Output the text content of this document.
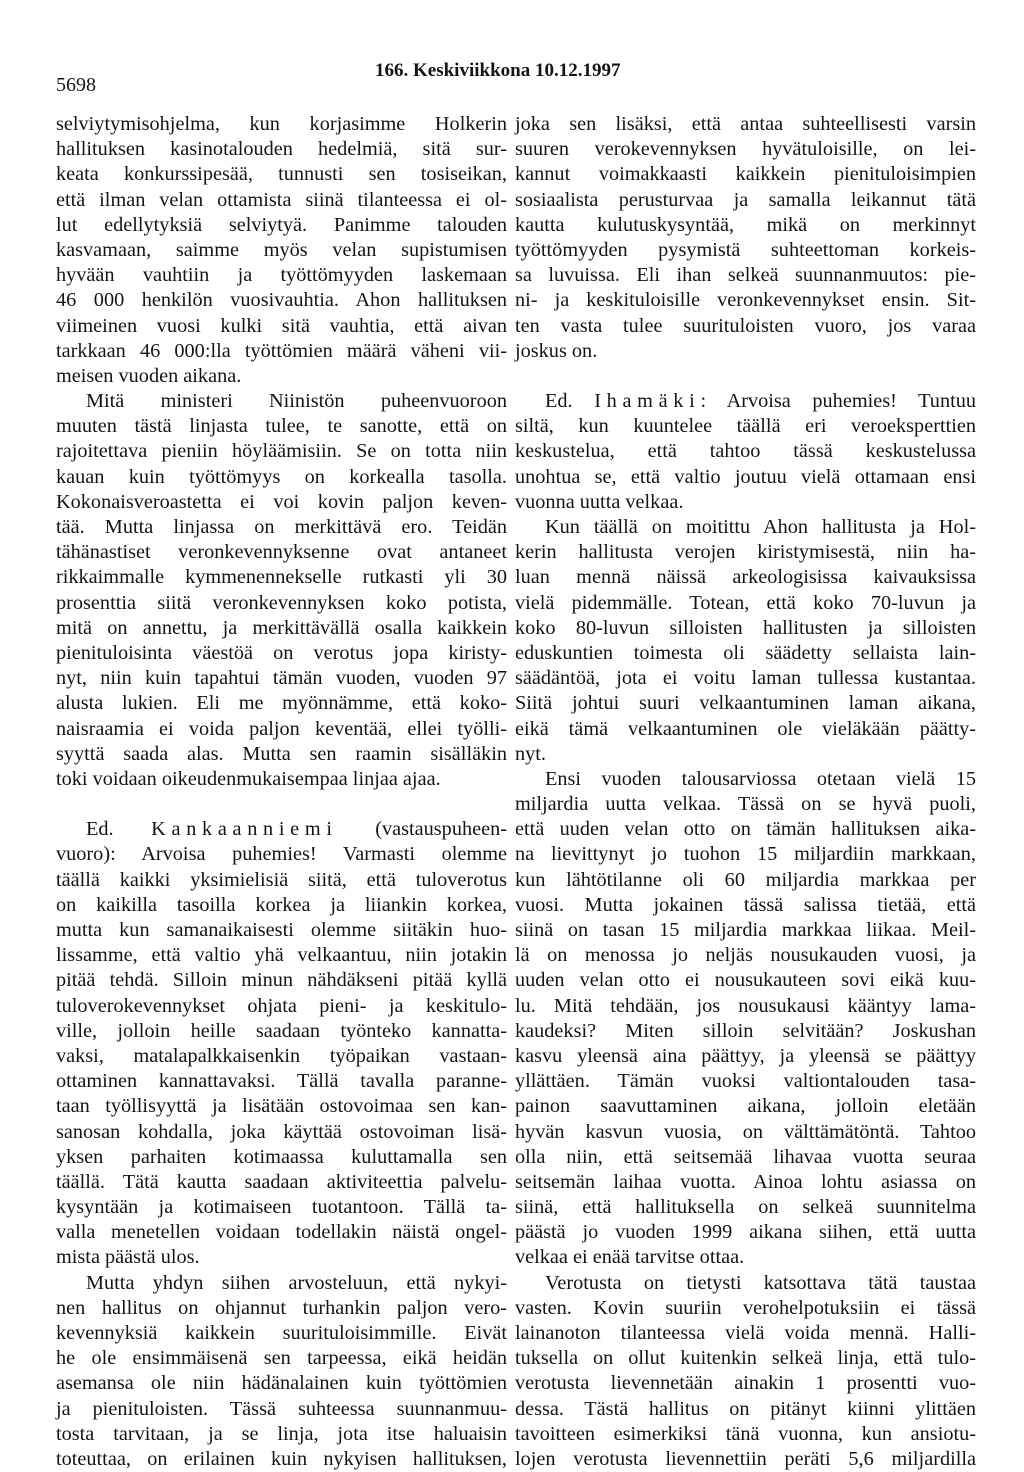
5698
166. Keskiviikkona 10.12.1997
selviytymisohjelma, kun korjasimme Holkerin
hallituksen kasinotalouden hedelmiä, sitä sur-
keata konkurssipesää, tunnusti sen tosiseikan,
että ilman velan ottamista siinä tilanteessa ei ol-
lut edellytyksiä selviytyä. Panimme talouden
kasvamaan, saimme myös velan supistumisen
hyvään vauhtiin ja työttömyyden laskemaan
46 000 henkilön vuosivauhtia. Ahon hallituksen
viimeinen vuosi kulki sitä vauhtia, että aivan
tarkkaan 46 000:lla työttömien määrä väheni vii-
meisen vuoden aikana.
Mitä ministeri Niinistön puheenvuoroon
muuten tästä linjasta tulee, te sanotte, että on
rajoitettava pieniin höyläämisiin. Se on totta niin
kauan kuin työttömyys on korkealla tasolla.
Kokonaisveroastetta ei voi kovin paljon keven-
tää. Mutta linjassa on merkittävä ero. Teidän
tähänastiset veronkevennyksenne ovat antaneet
rikkaimmalle kymmenennekselle rutkasti yli 30
prosenttia siitä veronkevennyksen koko potista,
mitä on annettu, ja merkittävällä osalla kaikkein
pienituloisinta väestöä on verotus jopa kiristy-
nyt, niin kuin tapahtui tämän vuoden, vuoden 97
alusta lukien. Eli me myönnämme, että koko-
naisraamia ei voida paljon keventää, ellei työlli-
syyttä saada alas. Mutta sen raamin sisälläkin
toki voidaan oikeudenmukaisempaa linjaa ajaa.
Ed. Kankaanniemi (vastauspuheen-
vuoro): Arvoisa puhemies! Varmasti olemme
täällä kaikki yksimielisiä siitä, että tuloverotus
on kaikilla tasoilla korkea ja liiankin korkea,
mutta kun samanaikaisesti olemme siitäkin huo-
lissamme, että valtio yhä velkaantuu, niin jotakin
pitää tehdä. Silloin minun nähdäkseni pitää kyllä
tuloverokevennykset ohjata pieni- ja keskitulo-
ville, jolloin heille saadaan työnteko kannatta-
vaksi, matalapalkkaisenkin työpaikan vastaan-
ottaminen kannattavaksi. Tällä tavalla paranne-
taan työllisyyttä ja lisätään ostovoimaa sen kan-
sanosan kohdalla, joka käyttää ostovoiman lisä-
yksen parhaiten kotimaassa kuluttamalla sen
täällä. Tätä kautta saadaan aktiviteettia palvelu-
kysyntään ja kotimaiseen tuotantoon. Tällä ta-
valla menetellen voidaan todellakin näistä ongel-
mista päästä ulos.
Mutta yhdyn siihen arvosteluun, että nykyi-
nen hallitus on ohjannut turhankin paljon vero-
kevennyksiä kaikkein suurituloisimmille. Eivät
he ole ensimmäisenä sen tarpeessa, eikä heidän
asemansa ole niin hädänalainen kuin työttömien
ja pienituloisten. Tässä suhteessa suunnanmuu-
tosta tarvitaan, ja se linja, jota itse haluaisin
toteuttaa, on erilainen kuin nykyisen hallituksen,
joka sen lisäksi, että antaa suhteellisesti varsin
suuren verokevennyksen hyvätuloisille, on lei-
kannut voimakkaasti kaikkein pienituloisimpien
sosiaalista perusturvaa ja samalla leikannut tätä
kautta kulutuskysyntää, mikä on merkinnyt
työttömyyden pysymistä suhteettoman korkeis-
sa luvuissa. Eli ihan selkeä suunnanmuutos: pie-
ni- ja keskituloisille veronkevennykset ensin. Sit-
ten vasta tulee suurituloisten vuoro, jos varaa
joskus on.
Ed. Ihamäki: Arvoisa puhemies! Tuntuu
siltä, kun kuuntelee täällä eri veroeksperttien
keskustelua, että tahtoo tässä keskustelussa
unohtua se, että valtio joutuu vielä ottamaan ensi
vuonna uutta velkaa.
Kun täällä on moitittu Ahon hallitusta ja Hol-
kerin hallitusta verojen kiristymisestä, niin ha-
luan mennä näissä arkeologisissa kaivauksissa
vielä pidemmälle. Totean, että koko 70-luvun ja
koko 80-luvun silloisten hallitusten ja silloisten
eduskuntien toimesta oli säädetty sellaista lain-
säädäntöä, jota ei voitu laman tullessa kustantaa.
Siitä johtui suuri velkaantuminen laman aikana,
eikä tämä velkaantuminen ole vieläkään päätty-
nyt.
Ensi vuoden talousarviossa otetaan vielä 15
miljardia uutta velkaa. Tässä on se hyvä puoli,
että uuden velan otto on tämän hallituksen aika-
na lievittynyt jo tuohon 15 miljardiin markkaan,
kun lähtötilanne oli 60 miljardia markkaa per
vuosi. Mutta jokainen tässä salissa tietää, että
siinä on tasan 15 miljardia markkaa liikaa. Meil-
lä on menossa jo neljäs nousukauden vuosi, ja
uuden velan otto ei nousukauteen sovi eikä kuu-
lu. Mitä tehdään, jos nousukausi kääntyy lama-
kaudeksi? Miten silloin selvitään? Joskushan
kasvu yleensä aina päättyy, ja yleensä se päättyy
yllättäen. Tämän vuoksi valtiontalouden tasa-
painon saavuttaminen aikana, jolloin eletään
hyvän kasvun vuosia, on välttämätöntä. Tahtoo
olla niin, että seitsemää lihavaa vuotta seuraa
seitsemän laihaa vuotta. Ainoa lohtu asiassa on
siinä, että hallituksella on selkeä suunnitelma
päästä jo vuoden 1999 aikana siihen, että uutta
velkaa ei enää tarvitse ottaa.
Verotusta on tietysti katsottava tätä taustaa
vasten. Kovin suuriin verohelpotuksiin ei tässä
lainanoton tilanteessa vielä voida mennä. Halli-
tuksella on ollut kuitenkin selkeä linja, että tulo-
verotusta lievennetään ainakin 1 prosentti vuo-
dessa. Tästä hallitus on pitänyt kiinni ylittäen
tavoitteen esimerkiksi tänä vuonna, kun ansiotu-
lojen verotusta lievennettiin peräti 5,6 miljardilla
